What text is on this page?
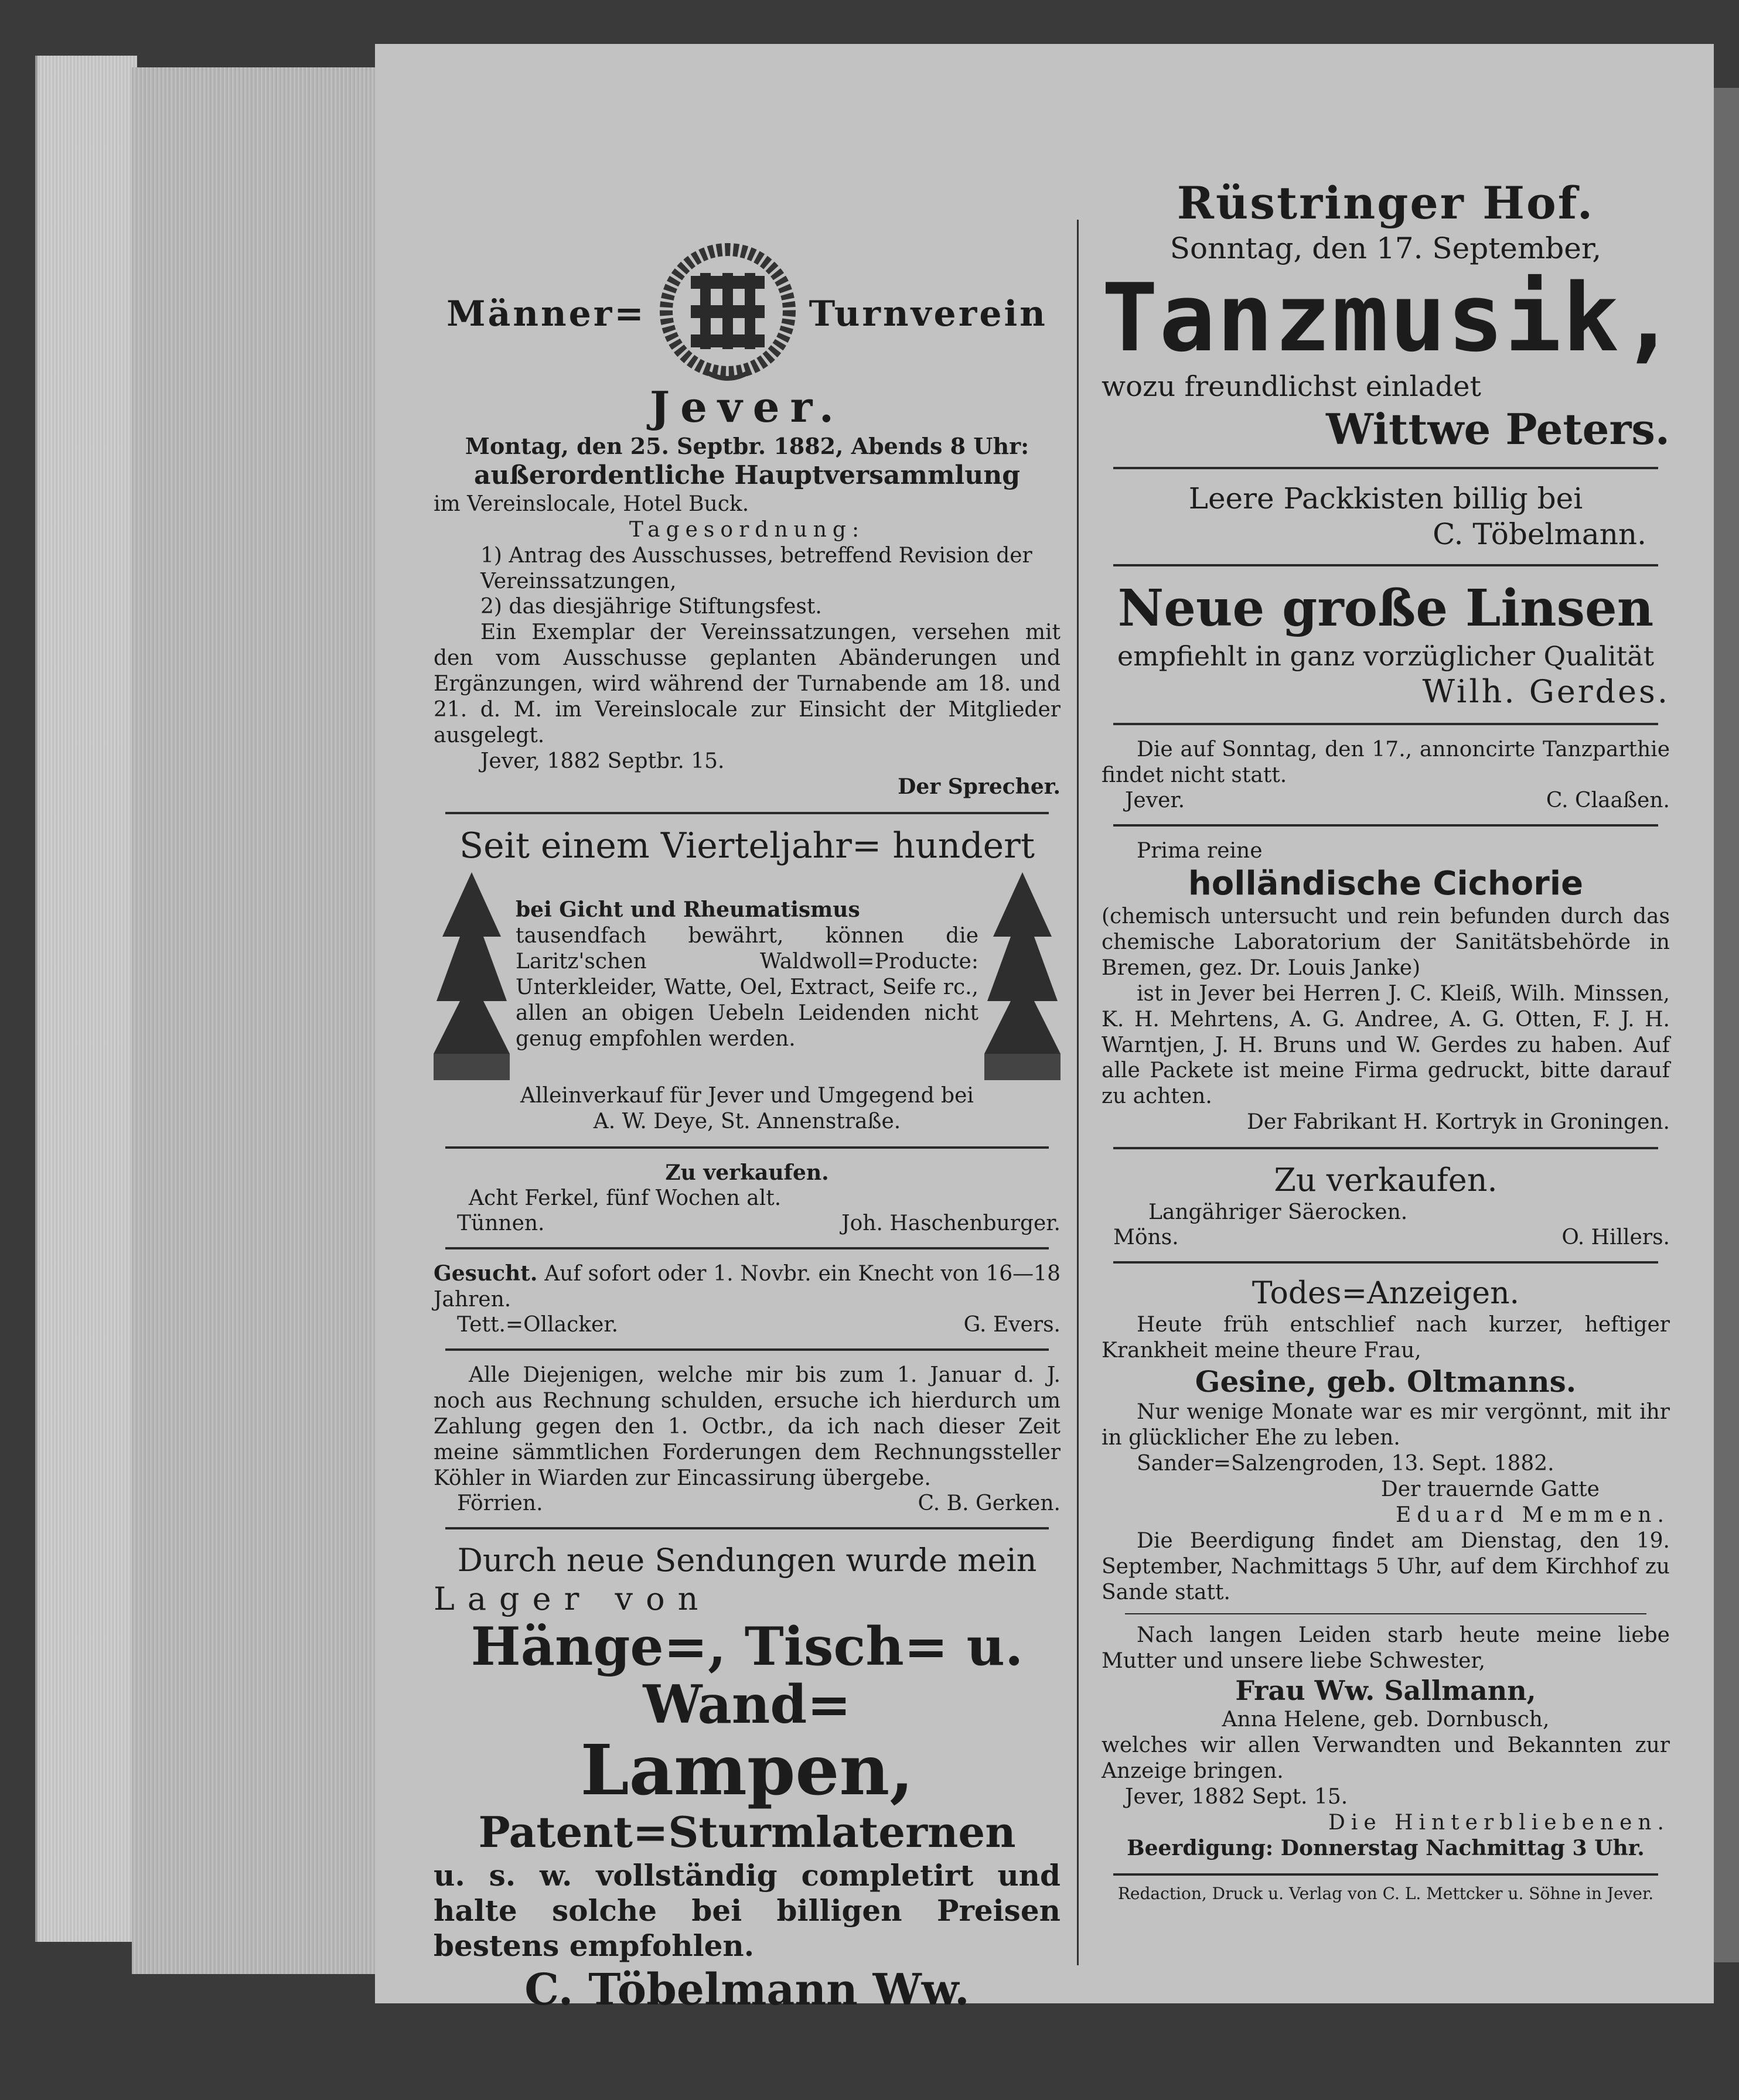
Männer=	Turnverein

Jever.

Montag, den 25. Septbr. 1882, Abends 8 Uhr:

außerordentliche Hauptversammlung

im Vereinslocale, Hotel Buck.

Tagesordnung:

1) Antrag des Ausschusses, betreffend Revision der Vereinssatzungen,

2) das diesjährige Stiftungsfest.

Ein Exemplar der Vereinssatzungen, versehen mit den vom Ausschusse geplanten Abänderungen und Ergänzungen, wird während der Turnabende am 18. und 21. d. M. im Vereinslocale zur Einsicht der Mitglieder ausgelegt.

Jever, 1882 Septbr. 15.

Der Sprecher.

Seit einem Vierteljahr= hundert

bei Gicht und Rheumatismus

tausendfach bewährt, können die Laritz'schen Waldwoll=Producte: Unterkleider, Watte, Oel, Extract, Seife rc., allen an obigen Uebeln Leidenden nicht genug empfohlen werden.

Alleinverkauf für Jever und Umgegend bei

A. W. Deye, St. Annenstraße.

Zu verkaufen.

Acht Ferkel, fünf Wochen alt.

Tünnen.	Joh. Haschenburger.

Gesucht. Auf sofort oder 1. Novbr. ein Knecht von 16—18 Jahren.

Tett.=Ollacker.	G. Evers.

Alle Diejenigen, welche mir bis zum 1. Januar d. J. noch aus Rechnung schulden, ersuche ich hierdurch um Zahlung gegen den 1. Octbr., da ich nach dieser Zeit meine sämmtlichen Forderungen dem Rechnungssteller Köhler in Wiarden zur Eincassirung übergebe.

Förrien.	C. B. Gerken.

Durch neue Sendungen wurde mein

Lager von

Hänge=, Tisch= u. Wand=

Lampen,

Patent=Sturmlaternen

u. s. w. vollständig completirt und halte solche bei billigen Preisen bestens empfohlen.

C. Töbelmann Ww.

Rüstringer Hof.

Sonntag, den 17. September,

Tanzmusik,

wozu freundlichst einladet

Wittwe Peters.

Leere Packkisten billig bei

C. Töbelmann.

Neue große Linsen

empfiehlt in ganz vorzüglicher Qualität

Wilh. Gerdes.

Die auf Sonntag, den 17., annoncirte Tanzparthie findet nicht statt.

Jever.	C. Claaßen.

Prima reine

holländische Cichorie

(chemisch untersucht und rein befunden durch das chemische Laboratorium der Sanitätsbehörde in Bremen, gez. Dr. Louis Janke)

ist in Jever bei Herren J. C. Kleiß, Wilh. Minssen, K. H. Mehrtens, A. G. Andree, A. G. Otten, F. J. H. Warntjen, J. H. Bruns und W. Gerdes zu haben. Auf alle Packete ist meine Firma gedruckt, bitte darauf zu achten.

Der Fabrikant H. Kortryk in Groningen.

Zu verkaufen.

Langähriger Säerocken.

Möns.	O. Hillers.

Todes=Anzeigen.

Heute früh entschlief nach kurzer, heftiger Krankheit meine theure Frau,

Gesine, geb. Oltmanns.

Nur wenige Monate war es mir vergönnt, mit ihr in glücklicher Ehe zu leben.

Sander=Salzengroden, 13. Sept. 1882.

Der trauernde Gatte

Eduard Memmen.

Die Beerdigung findet am Dienstag, den 19. September, Nachmittags 5 Uhr, auf dem Kirchhof zu Sande statt.

Nach langen Leiden starb heute meine liebe Mutter und unsere liebe Schwester,

Frau Ww. Sallmann,

Anna Helene, geb. Dornbusch,

welches wir allen Verwandten und Bekannten zur Anzeige bringen.

Jever, 1882 Sept. 15.

Die Hinterbliebenen.

Beerdigung: Donnerstag Nachmittag 3 Uhr.

Redaction, Druck u. Verlag von C. L. Mettcker u. Söhne in Jever.
